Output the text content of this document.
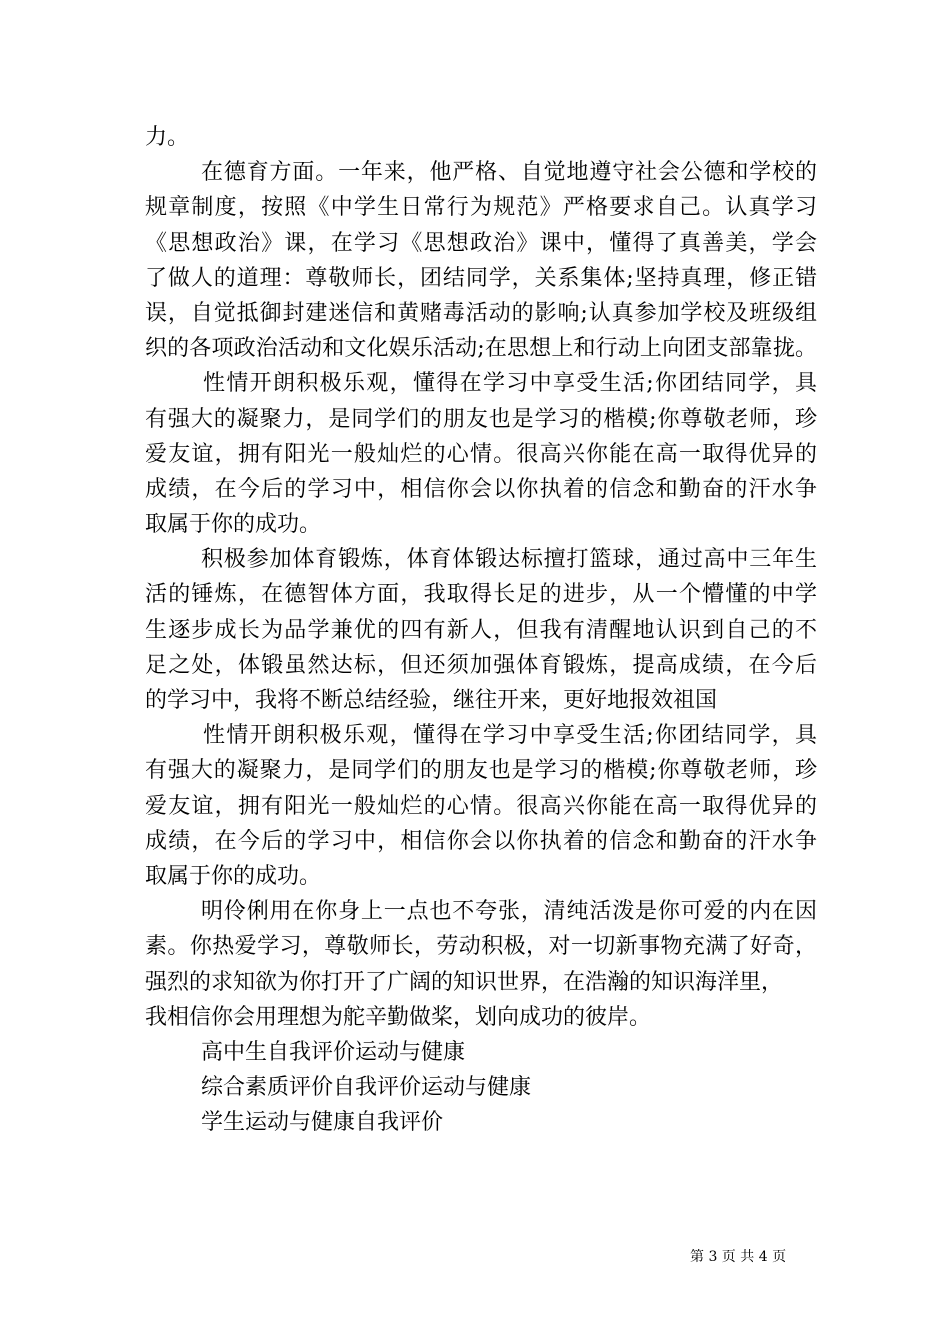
力。
在德育方面。一年来，他严格、自觉地遵守社会公德和学校的
规章制度，按照《中学生日常行为规范》严格要求自己。认真学习
《思想政治》课，在学习《思想政治》课中，懂得了真善美，学会
了做人的道理：尊敬师长，团结同学，关系集体;坚持真理，修正错
误，自觉抵御封建迷信和黄赌毒活动的影响;认真参加学校及班级组
织的各项政治活动和文化娱乐活动;在思想上和行动上向团支部靠拢。
性情开朗积极乐观，懂得在学习中享受生活;你团结同学，具
有强大的凝聚力，是同学们的朋友也是学习的楷模;你尊敬老师，珍
爱友谊，拥有阳光一般灿烂的心情。很高兴你能在高一取得优异的
成绩，在今后的学习中，相信你会以你执着的信念和勤奋的汗水争
取属于你的成功。
积极参加体育锻炼，体育体锻达标擅打篮球，通过高中三年生
活的锤炼，在德智体方面，我取得长足的进步，从一个懵懂的中学
生逐步成长为品学兼优的四有新人，但我有清醒地认识到自己的不
足之处，体锻虽然达标，但还须加强体育锻炼，提高成绩，在今后
的学习中，我将不断总结经验，继往开来，更好地报效祖国
性情开朗积极乐观，懂得在学习中享受生活;你团结同学，具
有强大的凝聚力，是同学们的朋友也是学习的楷模;你尊敬老师，珍
爱友谊，拥有阳光一般灿烂的心情。很高兴你能在高一取得优异的
成绩，在今后的学习中，相信你会以你执着的信念和勤奋的汗水争
取属于你的成功。
明伶俐用在你身上一点也不夸张，清纯活泼是你可爱的内在因
素。你热爱学习，尊敬师长，劳动积极，对一切新事物充满了好奇，
强烈的求知欲为你打开了广阔的知识世界，在浩瀚的知识海洋里，
我相信你会用理想为舵辛勤做桨，划向成功的彼岸。
高中生自我评价运动与健康
综合素质评价自我评价运动与健康
学生运动与健康自我评价
第 3 页 共 4 页
